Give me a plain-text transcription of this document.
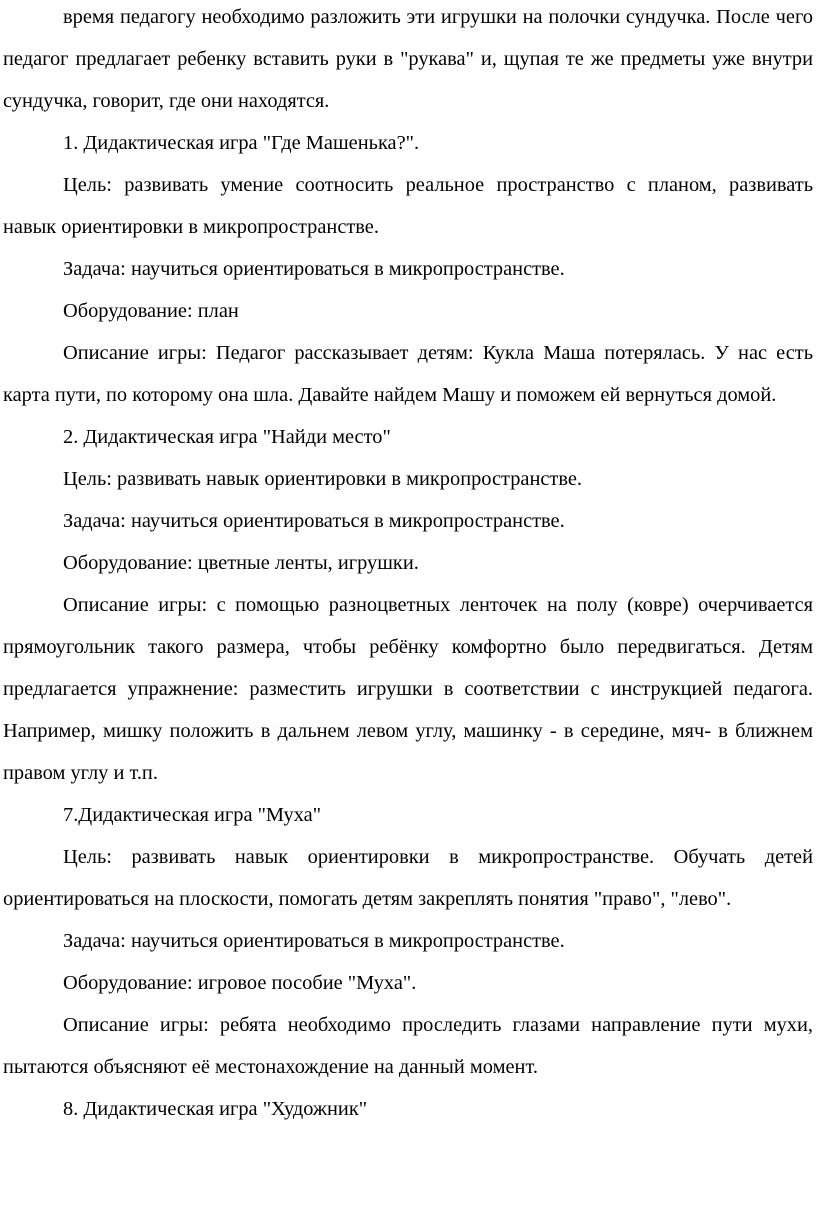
время педагогу необходимо разложить эти игрушки на полочки сундучка. После чего педагог предлагает ребенку вставить руки в "рукава" и, щупая те же предметы уже внутри сундучка, говорит, где они находятся.

1. Дидактическая игра "Где Машенька?".

Цель: развивать умение соотносить реальное пространство с планом, развивать навык ориентировки в микропространстве.

Задача: научиться ориентироваться в микропространстве.

Оборудование: план

Описание игры: Педагог рассказывает детям: Кукла Маша потерялась. У нас есть карта пути, по которому она шла. Давайте найдем Машу и поможем ей вернуться домой.

2. Дидактическая игра "Найди место"

Цель: развивать навык ориентировки в микропространстве.

Задача: научиться ориентироваться в микропространстве.

Оборудование: цветные ленты, игрушки.

Описание игры: с помощью разноцветных ленточек на полу (ковре) очерчивается прямоугольник такого размера, чтобы ребёнку комфортно было передвигаться. Детям предлагается упражнение: разместить игрушки в соответствии с инструкцией педагога. Например, мишку положить в дальнем левом углу, машинку - в середине, мяч- в ближнем правом углу и т.п.

7.Дидактическая игра "Муха"

Цель: развивать навык ориентировки в микропространстве. Обучать детей ориентироваться на плоскости, помогать детям закреплять понятия "право", "лево".

Задача: научиться ориентироваться в микропространстве.

Оборудование: игровое пособие "Муха".

Описание игры: ребята необходимо проследить глазами направление пути мухи, пытаются объясняют её местонахождение на данный момент.

8. Дидактическая игра "Художник"
